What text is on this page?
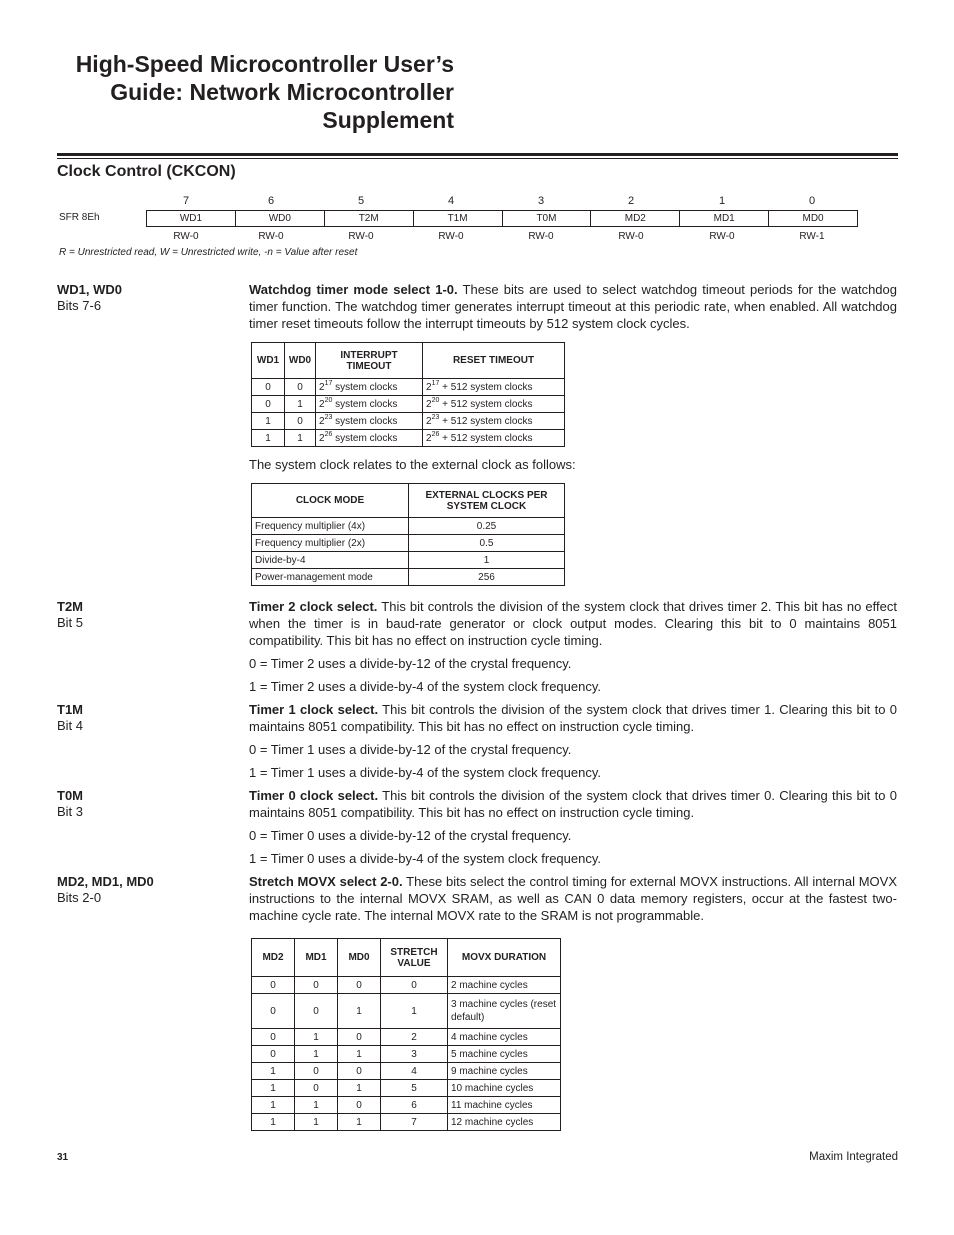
High-Speed Microcontroller User’s
Guide: Network Microcontroller
Supplement
Clock Control (CKCON)
7	6	5	4	3	2	1	0
SFR 8Eh	WD1	WD0	T2M	T1M	T0M	MD2	MD1	MD0
RW-0	RW-0	RW-0	RW-0	RW-0	RW-0	RW-0	RW-1
R = Unrestricted read, W = Unrestricted write, -n = Value after reset
WD1, WD0
Bits 7-6
Watchdog timer mode select 1-0. These bits are used to select watchdog timeout periods for the watchdog timer function. The watchdog timer generates interrupt timeout at this periodic rate, when enabled. All watchdog timer reset timeouts follow the interrupt timeouts by 512 system clock cycles.
WD1	WD0	INTERRUPT TIMEOUT	RESET TIMEOUT
0	0	$2^{17}$ system clocks	$2^{17} + 512$ system clocks
0	1	$2^{20}$ system clocks	$2^{20} + 512$ system clocks
1	0	$2^{23}$ system clocks	$2^{23} + 512$ system clocks
1	1	$2^{26}$ system clocks	$2^{26} + 512$ system clocks
The system clock relates to the external clock as follows:
CLOCK MODE	EXTERNAL CLOCKS PER SYSTEM CLOCK
Frequency multiplier (4x)	0.25
Frequency multiplier (2x)	0.5
Divide-by-4	1
Power-management mode	256
T2M
Bit 5
Timer 2 clock select. This bit controls the division of the system clock that drives timer 2. This bit has no effect when the timer is in baud-rate generator or clock output modes. Clearing this bit to 0 maintains 8051 compatibility. This bit has no effect on instruction cycle timing.
0 = Timer 2 uses a divide-by-12 of the crystal frequency.
1 = Timer 2 uses a divide-by-4 of the system clock frequency.
T1M
Bit 4
Timer 1 clock select. This bit controls the division of the system clock that drives timer 1. Clearing this bit to 0 maintains 8051 compatibility. This bit has no effect on instruction cycle timing.
0 = Timer 1 uses a divide-by-12 of the crystal frequency.
1 = Timer 1 uses a divide-by-4 of the system clock frequency.
T0M
Bit 3
Timer 0 clock select. This bit controls the division of the system clock that drives timer 0. Clearing this bit to 0 maintains 8051 compatibility. This bit has no effect on instruction cycle timing.
0 = Timer 0 uses a divide-by-12 of the crystal frequency.
1 = Timer 0 uses a divide-by-4 of the system clock frequency.
MD2, MD1, MD0
Bits 2-0
Stretch MOVX select 2-0. These bits select the control timing for external MOVX instructions. All internal MOVX instructions to the internal MOVX SRAM, as well as CAN 0 data memory registers, occur at the fastest two-machine cycle rate. The internal MOVX rate to the SRAM is not programmable.
MD2	MD1	MD0	STRETCH VALUE	MOVX DURATION
0	0	0	0	2 machine cycles
0	0	1	1	3 machine cycles (reset default)
0	1	0	2	4 machine cycles
0	1	1	3	5 machine cycles
1	0	0	4	9 machine cycles
1	0	1	5	10 machine cycles
1	1	0	6	11 machine cycles
1	1	1	7	12 machine cycles
31	Maxim Integrated
